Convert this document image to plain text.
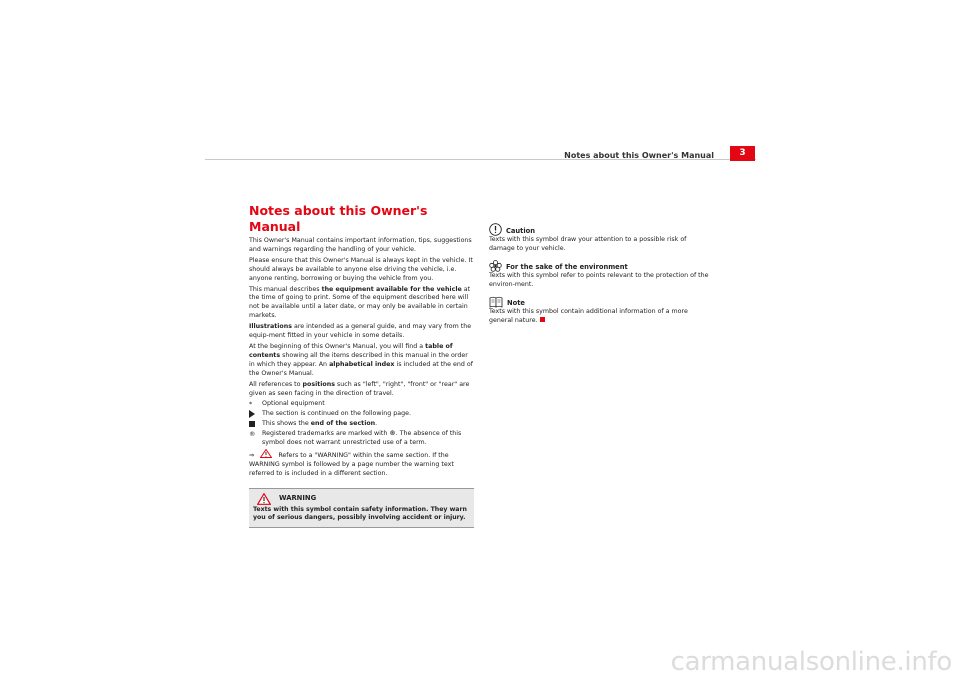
Notes about this Owner's Manual	3
Notes about this Owner's Manual

This Owner's Manual contains important information, tips, suggestions and warnings regarding the handling of your vehicle.

Please ensure that this Owner's Manual is always kept in the vehicle. It should always be available to anyone else driving the vehicle, i.e. anyone renting, borrowing or buying the vehicle from you.

This manual describes the equipment available for the vehicle at the time of going to print. Some of the equipment described here will not be available until a later date, or may only be available in certain markets.

Illustrations are intended as a general guide, and may vary from the equip-ment fitted in your vehicle in some details.

At the beginning of this Owner's Manual, you will find a table of contents showing all the items described in this manual in the order in which they appear. An alphabetical index is included at the end of the Owner's Manual.

All references to positions such as "left", "right", "front" or "rear" are given as seen facing in the direction of travel.

*	Optional equipment
The section is continued on the following page.
This shows the end of the section.
®	Registered trademarks are marked with ®. The absence of this symbol does not warrant unrestricted use of a term.

⇒	Refers to a "WARNING" within the same section. If the WARNING symbol is followed by a page number the warning text referred to is included in a different section.

WARNING
Texts with this symbol contain safety information. They warn you of serious dangers, possibly involving accident or injury.
Caution

Texts with this symbol draw your attention to a possible risk of damage to your vehicle.

For the sake of the environment

Texts with this symbol refer to points relevant to the protection of the environ-ment.

Note

Texts with this symbol contain additional information of a more general nature.

carmanualsonline.info
